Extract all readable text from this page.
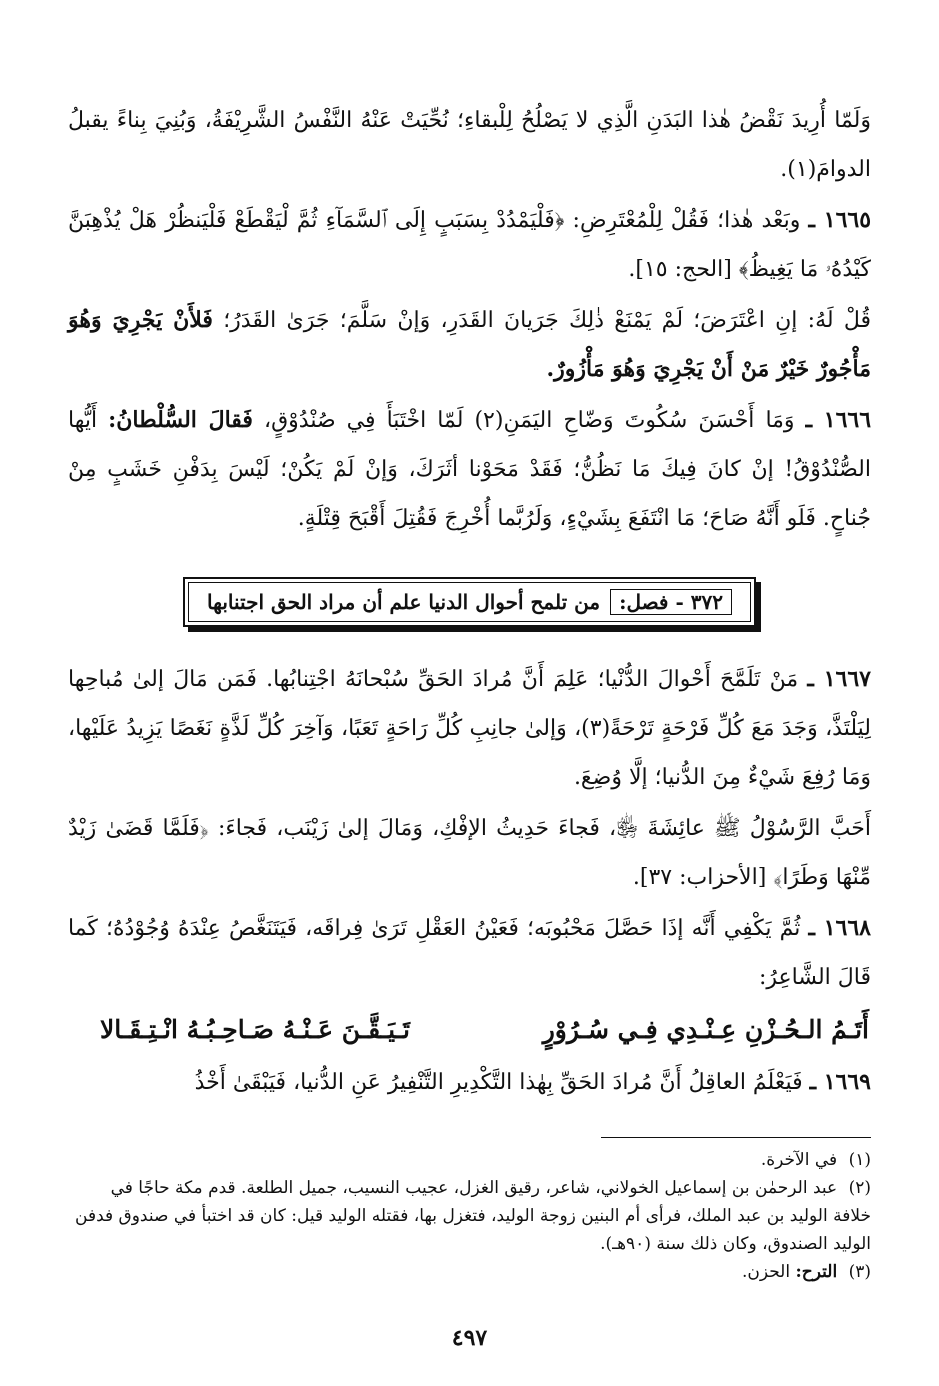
وَلَمّا أُرِيدَ نَقْضُ هٰذا البَدَنِ الَّذِي لا يَصْلُحُ لِلْبقاءِ؛ نُحِّيَتْ عَنْهُ النَّفْسُ الشَّرِيْفَةُ، وَبُنِيَ بِناءً يقبلُ الدوامَ(١).

١٦٦٥ ـ وبَعْد هٰذا؛ فَقُلْ لِلْمُعْتَرِضِ: ﴿فَلْيَمْدُدْ بِسَبَبٍ إِلَى ٱلسَّمَآءِ ثُمَّ لْيَقْطَعْ فَلْيَنظُرْ هَلْ يُذْهِبَنَّ كَيْدُهُۥ مَا يَغِيظُ﴾ [الحج: ١٥].

قُلْ لَهُ: إنِ اعْتَرَضَ؛ لَمْ يَمْنَعْ ذٰلِكَ جَرَيانَ القَدَرِ، وَإنْ سَلَّمَ؛ جَرَىٰ القَدَرُ؛ فَلأَنْ يَجْرِيَ وَهُوَ مَأْجُورٌ خَيْرٌ مَنْ أَنْ يَجْرِيَ وَهُوَ مَأْزُورٌ.

١٦٦٦ ـ وَمَا أَحْسَنَ سُكُوتَ وَضّاحِ اليَمَنِ(٢) لَمّا اخْتَبَأَ فِي صُنْدُوْقٍ، فَقالَ السُّلْطانُ: أَيُّها الصُّنْدُوْقُ! إنْ كانَ فِيكَ مَا نَظُنُّ؛ فَقَدْ مَحَوْنا أثَرَكَ، وَإنْ لَمْ يَكُنْ؛ لَيْسَ بِدَفْنِ خَشَبٍ مِنْ جُناحٍ. فَلَو أَنَّهُ صَاحَ؛ مَا انْتَفَعَ بِشَيْءٍ، وَلَرُبَّما أُخْرِجَ فَقُتِلَ أَقْبَحَ قِتْلَةٍ.

٣٧٢ - فصل:
من تلمح أحوال الدنيا علم أن مراد الحق اجتنابها

١٦٦٧ ـ مَنْ تَلَمَّحَ أَحْوالَ الدُّنْيا؛ عَلِمَ أَنَّ مُرادَ الحَقِّ سُبْحانَهُ اجْتِنابُها. فَمَن مَالَ إلىٰ مُباحِها لِيَلْتَذَّ، وَجَدَ مَعَ كُلِّ فَرْحَةٍ تَرْحَةً(٣)، وَإلىٰ جانِبِ كُلِّ رَاحَةٍ تَعَبًا، وَآخِرَ كُلِّ لَذَّةٍ نَغَصًا يَزِيدُ عَلَيْها، وَمَا رُفِعَ شَيْءٌ مِنَ الدُّنيا؛ إلَّا وُضِعَ.

أَحَبَّ الرَّسُوْلُ ﷺ عائِشَةَ ﵂، فَجاءَ حَدِيثُ الإفْكِ، وَمَالَ إلىٰ زَيْنَب، فَجاءَ: ﴿فَلَمَّا قَضَىٰ زَيْدٌ مِّنْهَا وَطَرًا﴾ [الأحزاب: ٣٧].

١٦٦٨ ـ ثُمَّ يَكْفِي أَنَّه إذَا حَصَّلَ مَحْبُوبَه؛ فَعَيْنُ العَقْلِ تَرَىٰ فِراقَه، فَيَتَنَغَّصُ عِنْدَهُ وُجُوْدُهُ؛ كَما قَالَ الشَّاعِرُ:

أَتَـمُ الـحُـزْنِ عِـنْـدِي فِـي سُـرُوْرٍ
تَـيَـقَّـنَ عَـنْـهُ صَـاحِـبُـهُ انْـتِـقَـالا

١٦٦٩ ـ فَيَعْلَمُ العاقِلُ أَنَّ مُرادَ الحَقِّ بِهٰذا التَّكْدِيرِ التَّنْفِيرُ عَنِ الدُّنيا، فَيَبْقَىٰ أَخْذُ

(١) في الآخرة.

(٢) عبد الرحمٰن بن إسماعيل الخولاني، شاعر، رقيق الغزل، عجيب النسيب، جميل الطلعة. قدم مكة حاجًا في خلافة الوليد بن عبد الملك، فرأى أم البنين زوجة الوليد، فتغزل بها، فقتله الوليد قيل: كان قد اختبأ في صندوق فدفن الوليد الصندوق، وكان ذلك سنة (٩٠هـ).

(٣) الترح: الحزن.

٤٩٧
